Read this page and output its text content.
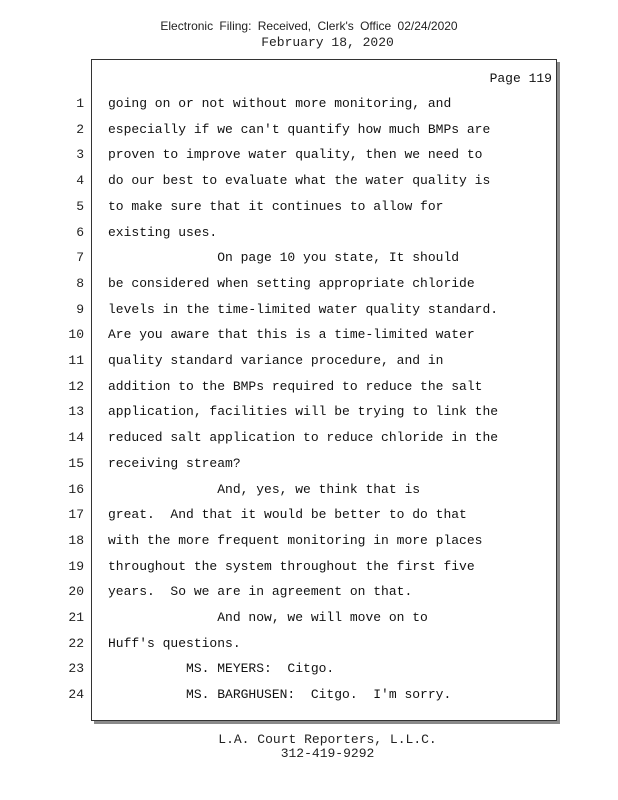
Electronic Filing: Received, Clerk's Office 02/24/2020
February 18, 2020
Page 119
1 going on or not without more monitoring, and
2 especially if we can't quantify how much BMPs are
3 proven to improve water quality, then we need to
4 do our best to evaluate what the water quality is
5 to make sure that it continues to allow for
6 existing uses.
7 On page 10 you state, It should
8 be considered when setting appropriate chloride
9 levels in the time-limited water quality standard.
10 Are you aware that this is a time-limited water
11 quality standard variance procedure, and in
12 addition to the BMPs required to reduce the salt
13 application, facilities will be trying to link the
14 reduced salt application to reduce chloride in the
15 receiving stream?
16 And, yes, we think that is
17 great.  And that it would be better to do that
18 with the more frequent monitoring in more places
19 throughout the system throughout the first five
20 years.  So we are in agreement on that.
21 And now, we will move on to
22 Huff's questions.
23 MS. MEYERS:  Citgo.
24 MS. BARGHUSEN:  Citgo.  I'm sorry.
L.A. Court Reporters, L.L.C.
312-419-9292
